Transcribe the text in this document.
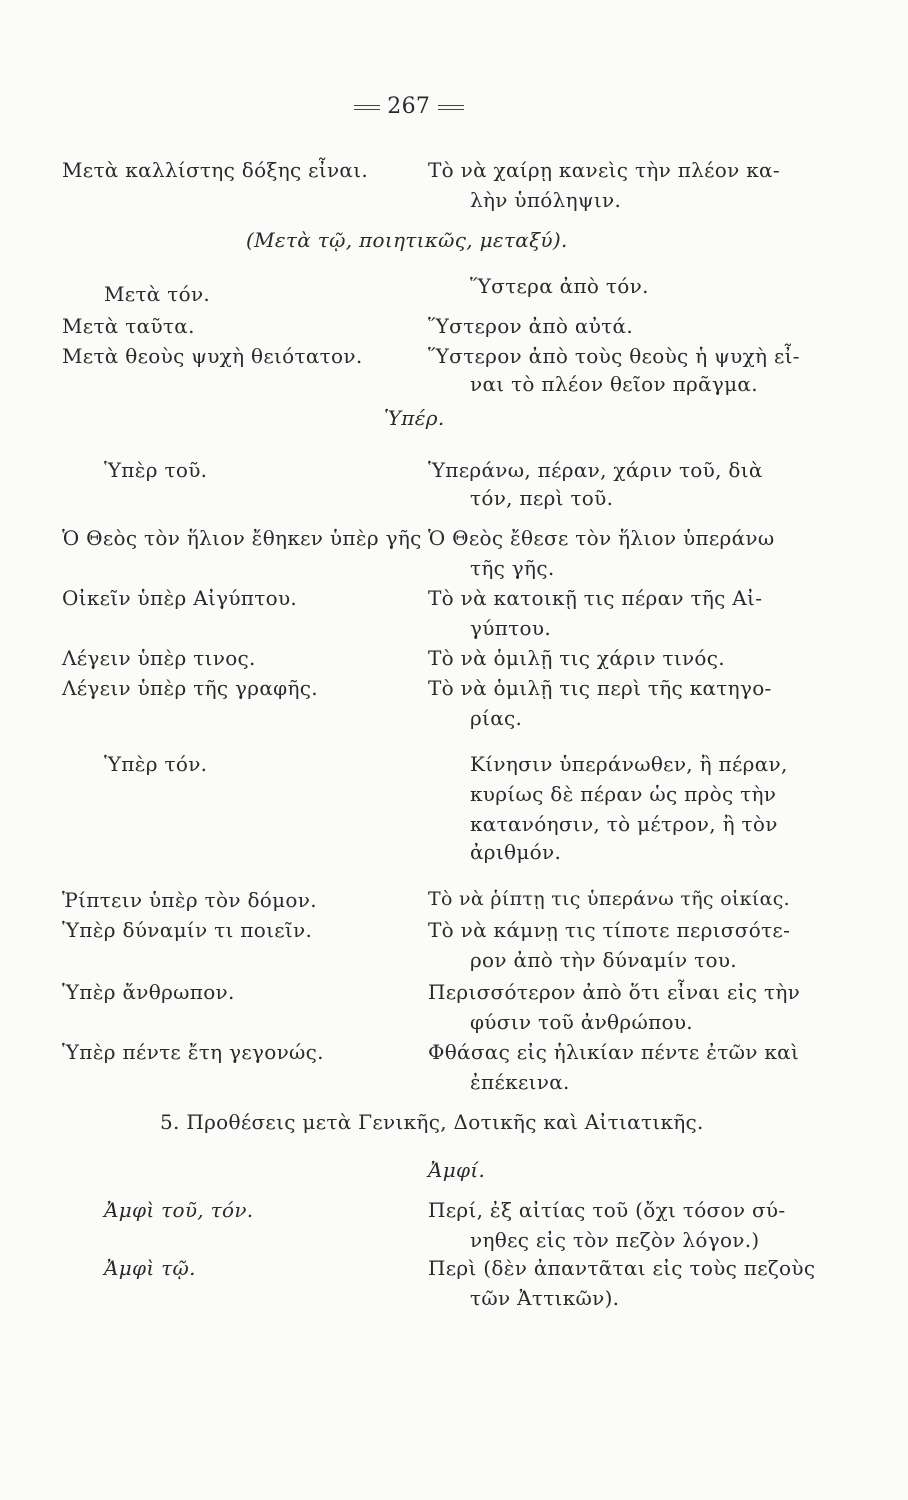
267
Μετὰ καλλίστης δόξης εἶναι.
Μετὰ τόν.
Μετὰ ταῦτα.
Μετὰ θεοὺς ψυχὴ θειότατον.
Ὑπὲρ τοῦ.
Ὁ Θεὸς τὸν ἥλιον ἔθηκεν ὑπὲρ γῆς
Οἰκεῖν ὑπὲρ Αἰγύπτου.
Λέγειν ὑπὲρ τινος.
Λέγειν ὑπὲρ τῆς γραφῆς.
Ὑπὲρ τόν.
Ῥίπτειν ὑπὲρ τὸν δόμον.
Ὑπὲρ δύναμίν τι ποιεῖν.
Ὑπὲρ ἄνθρωπον.
Ὑπὲρ πέντε ἔτη γεγονώς.
Ἀμφὶ τοῦ, τόν.
Ἀμφὶ τῷ.
(Μετὰ τῷ, ποιητικῶς, μεταξύ).
Ὑπέρ.
5. Προθέσεις μετὰ Γενικῆς, Δοτικῆς καὶ Αἰτιατικῆς.
Ἀμφί.
Τὸ νὰ χαίρῃ κανεὶς τὴν πλέον κα-
λὴν ὑπόληψιν.
Ὕστερα ἀπὸ τόν.
Ὕστερον ἀπὸ αὐτά.
Ὕστερον ἀπὸ τοὺς θεοὺς ἡ ψυχὴ εἶ-
ναι τὸ πλέον θεῖον πρᾶγμα.
Ὑπεράνω, πέραν, χάριν τοῦ, διὰ
τόν, περὶ τοῦ.
Ὁ Θεὸς ἔθεσε τὸν ἥλιον ὑπεράνω
τῆς γῆς.
Τὸ νὰ κατοικῇ τις πέραν τῆς Αἰ-
γύπτου.
Τὸ νὰ ὁμιλῇ τις χάριν τινός.
Τὸ νὰ ὁμιλῇ τις περὶ τῆς κατηγο-
ρίας.
Κίνησιν ὑπεράνωθεν, ἢ πέραν,
κυρίως δὲ πέραν ὡς πρὸς τὴν
κατανόησιν, τὸ μέτρον, ἢ τὸν
ἀριθμόν.
Τὸ νὰ ῥίπτῃ τις ὑπεράνω τῆς οἰκίας.
Τὸ νὰ κάμνῃ τις τίποτε περισσότε-
ρον ἀπὸ τὴν δύναμίν του.
Περισσότερον ἀπὸ ὅτι εἶναι εἰς τὴν
φύσιν τοῦ ἀνθρώπου.
Φθάσας εἰς ἡλικίαν πέντε ἐτῶν καὶ
ἐπέκεινα.
Περί, ἐξ αἰτίας τοῦ (ὄχι τόσον σύ-
νηθες εἰς τὸν πεζὸν λόγον.)
Περὶ (δὲν ἀπαντᾶται εἰς τοὺς πεζοὺς
τῶν Ἀττικῶν).
